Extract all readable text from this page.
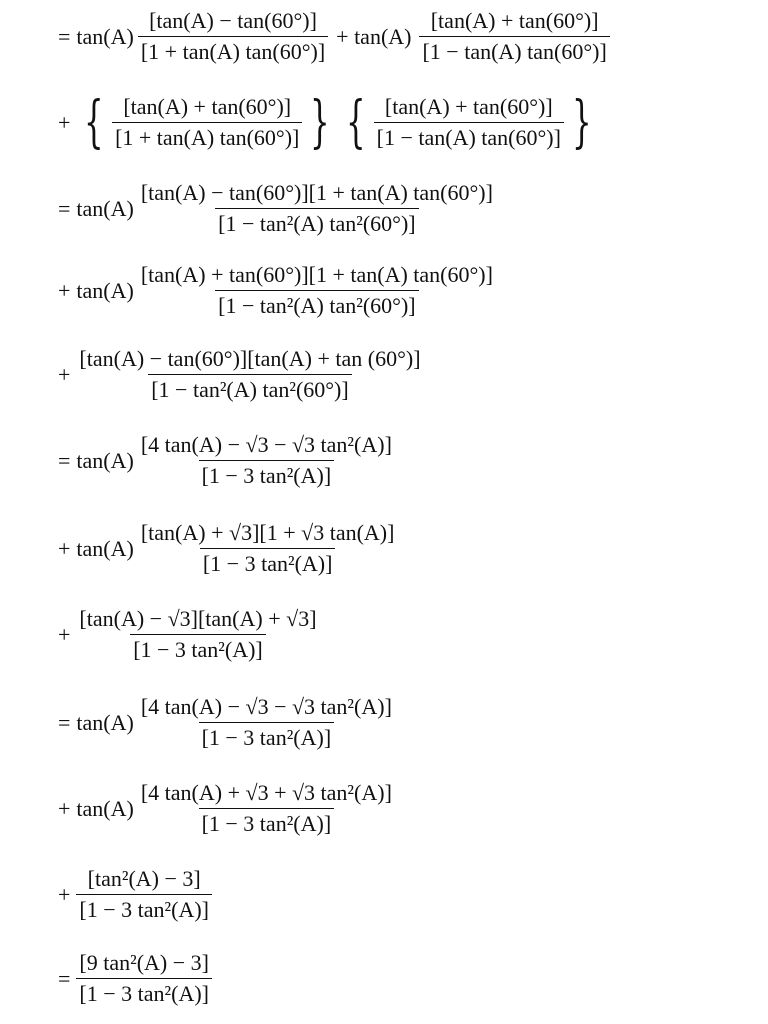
= $\tan(A) \frac{[\tan(A) - \tan(60^\circ)]}{[1 + \tan(A) \tan(60^\circ)]} + \tan(A) \frac{[\tan(A) + \tan(60^\circ)]}{[1 - \tan(A) \tan(60^\circ)]}$
+ { $\frac{[\tan(A) + \tan(60^\circ)]}{[1 + \tan(A) \tan(60^\circ)]}$ } { $\frac{[\tan(A) + \tan(60^\circ)]}{[1 - \tan(A) \tan(60^\circ)]}$ }
= $\tan(A) \frac{[\tan(A) - \tan(60^\circ)][1 + \tan(A) \tan(60^\circ)]}{\text{[1 − tan²(A) tan²(60°)]}}$
+ $\tan(A) \frac{[\tan(A) + \tan(60^\circ)][1 + \tan(A) \tan(60^\circ)]}{\text{[1 − tan²(A) tan²(60°)]}}$
+ $\frac{[\tan(A) - \tan(60^\circ)][\tan(A) + \tan (60^\circ)]}{\text{[1 − tan²(A) tan²(60°)]}}$
= $\tan(A) \frac{\text{[4 tan(A) − √3 − √3 tan²(A)]}}{\text{[1 − 3 tan²(A)]}}$
+ $\tan(A) \frac{[\tan(A) + √3][1 + √3 \tan(A)]}{\text{[1 − 3 tan²(A)]}}$
+ $\frac{[\tan(A) - √3][\tan(A) + √3]}{\text{[1 − 3 tan²(A)]}}$
= $\tan(A) \frac{\text{[4 tan(A) − √3 − √3 tan²(A)]}}{\text{[1 − 3 tan²(A)]}}$
+ $\tan(A) \frac{\text{[4 tan(A) + √3 + √3 tan²(A)]}}{\text{[1 − 3 tan²(A)]}}$
+ $\frac{\text{[tan²(A) − 3]}}{\text{[1 − 3 tan²(A)]}}$
= $\frac{\text{[9 tan²(A) − 3]}}{\text{[1 − 3 tan²(A)]}}$
